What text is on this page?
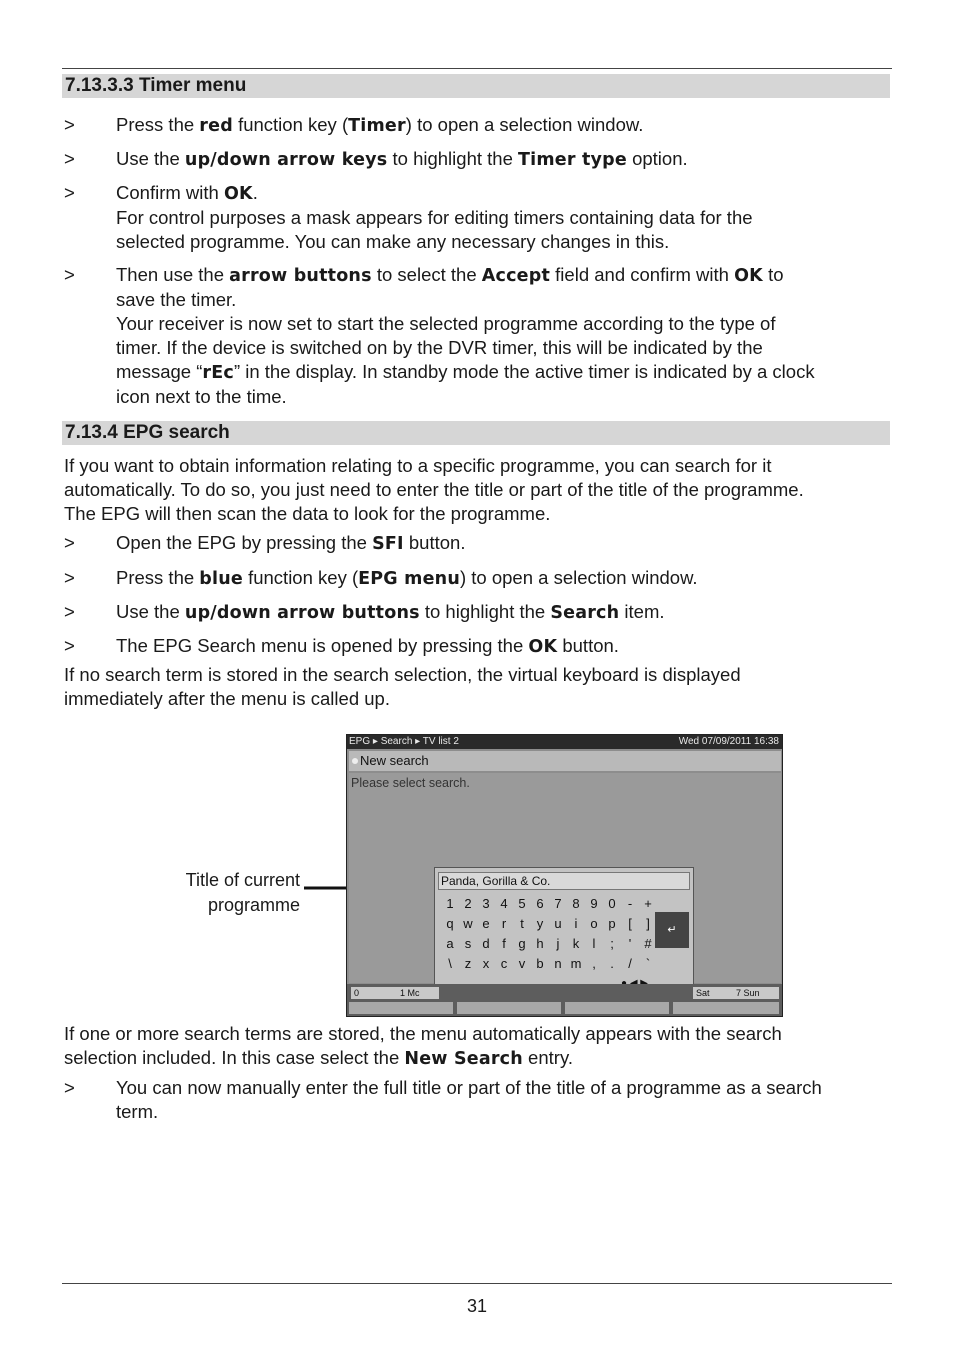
7.13.3.3 Timer menu
> Press the red function key (Timer) to open a selection window.
> Use the up/down arrow keys to highlight the Timer type option.
> Confirm with OK.
For control purposes a mask appears for editing timers containing data for the
selected programme. You can make any necessary changes in this.
> Then use the arrow buttons to select the Accept field and confirm with OK to
save the timer.
Your receiver is now set to start the selected programme according to the type of
timer. If the device is switched on by the DVR timer, this will be indicated by the
message “rEc” in the display. In standby mode the active timer is indicated by a clock
icon next to the time.
7.13.4 EPG search
If you want to obtain information relating to a specific programme, you can search for it
automatically. To do so, you just need to enter the title or part of the title of the programme.
The EPG will then scan the data to look for the programme.
> Open the EPG by pressing the SFI button.
> Press the blue function key (EPG menu) to open a selection window.
> Use the up/down arrow buttons to highlight the Search item.
> The EPG Search menu is opened by pressing the OK button.
If no search term is stored in the search selection, the virtual keyboard is displayed
immediately after the menu is called up.
Title of current
programme
EPG ▸ Search ▸ TV list 2	Wed 07/09/2011 16:38
New search
Please select search.
Panda, Gorilla & Co.
1 2 3 4 5 6 7 8 9 0 - +
q w e r	t y u i o p [	]
a s d f g h j	k	l	;	'	#
\ z x c v b n m ,	.	/	`
↵
0	1 Mc	Sat	7 Sun
If one or more search terms are stored, the menu automatically appears with the search
selection included. In this case select the New Search entry.
> You can now manually enter the full title or part of the title of a programme as a search
term.
31
